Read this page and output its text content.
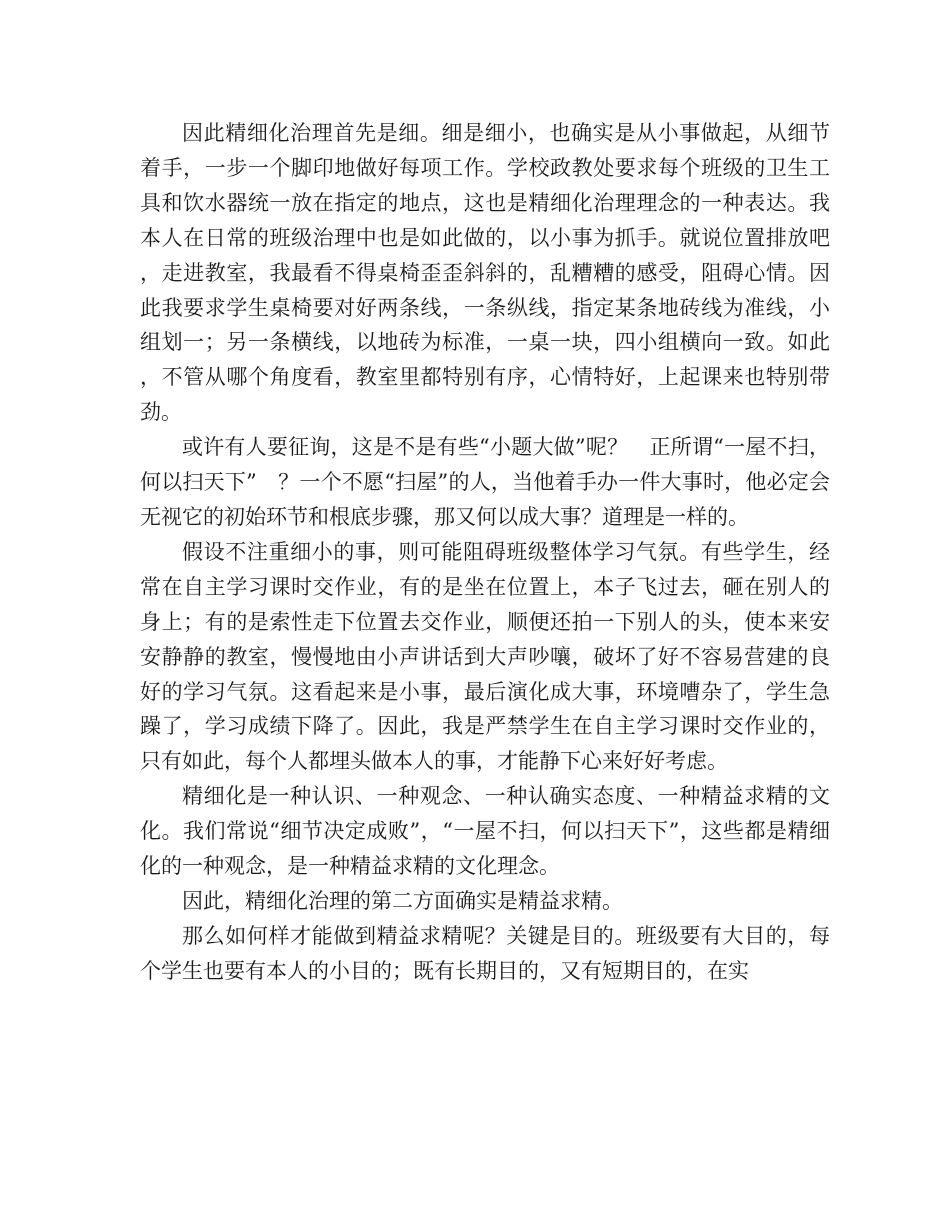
因此精细化治理首先是细。细是细小，也确实是从小事做起，从细节着手，一步一个脚印地做好每项工作。学校政教处要求每个班级的卫生工具和饮水器统一放在指定的地点，这也是精细化治理理念的一种表达。我本人在日常的班级治理中也是如此做的，以小事为抓手。就说位置排放吧，走进教室，我最看不得桌椅歪歪斜斜的，乱糟糟的感受，阻碍心情。因此我要求学生桌椅要对好两条线，一条纵线，指定某条地砖线为准线，小组划一；另一条横线，以地砖为标准，一桌一块，四小组横向一致。如此，不管从哪个角度看，教室里都特别有序，心情特好，上起课来也特别带劲。

或许有人要征询，这是不是有些“小题大做”呢？　正所谓“一屋不扫，何以扫天下”　？一个不愿“扫屋”的人，当他着手办一件大事时，他必定会无视它的初始环节和根底步骤，那又何以成大事？道理是一样的。

假设不注重细小的事，则可能阻碍班级整体学习气氛。有些学生，经常在自主学习课时交作业，有的是坐在位置上，本子飞过去，砸在别人的身上；有的是索性走下位置去交作业，顺便还拍一下别人的头，使本来安安静静的教室，慢慢地由小声讲话到大声吵嚷，破坏了好不容易营建的良好的学习气氛。这看起来是小事，最后演化成大事，环境嘈杂了，学生急躁了，学习成绩下降了。因此，我是严禁学生在自主学习课时交作业的，只有如此，每个人都埋头做本人的事，才能静下心来好好考虑。

精细化是一种认识、一种观念、一种认确实态度、一种精益求精的文化。我们常说“细节决定成败”，“一屋不扫，何以扫天下”，这些都是精细化的一种观念，是一种精益求精的文化理念。

因此，精细化治理的第二方面确实是精益求精。

那么如何样才能做到精益求精呢？关键是目的。班级要有大目的，每个学生也要有本人的小目的；既有长期目的，又有短期目的，在实
